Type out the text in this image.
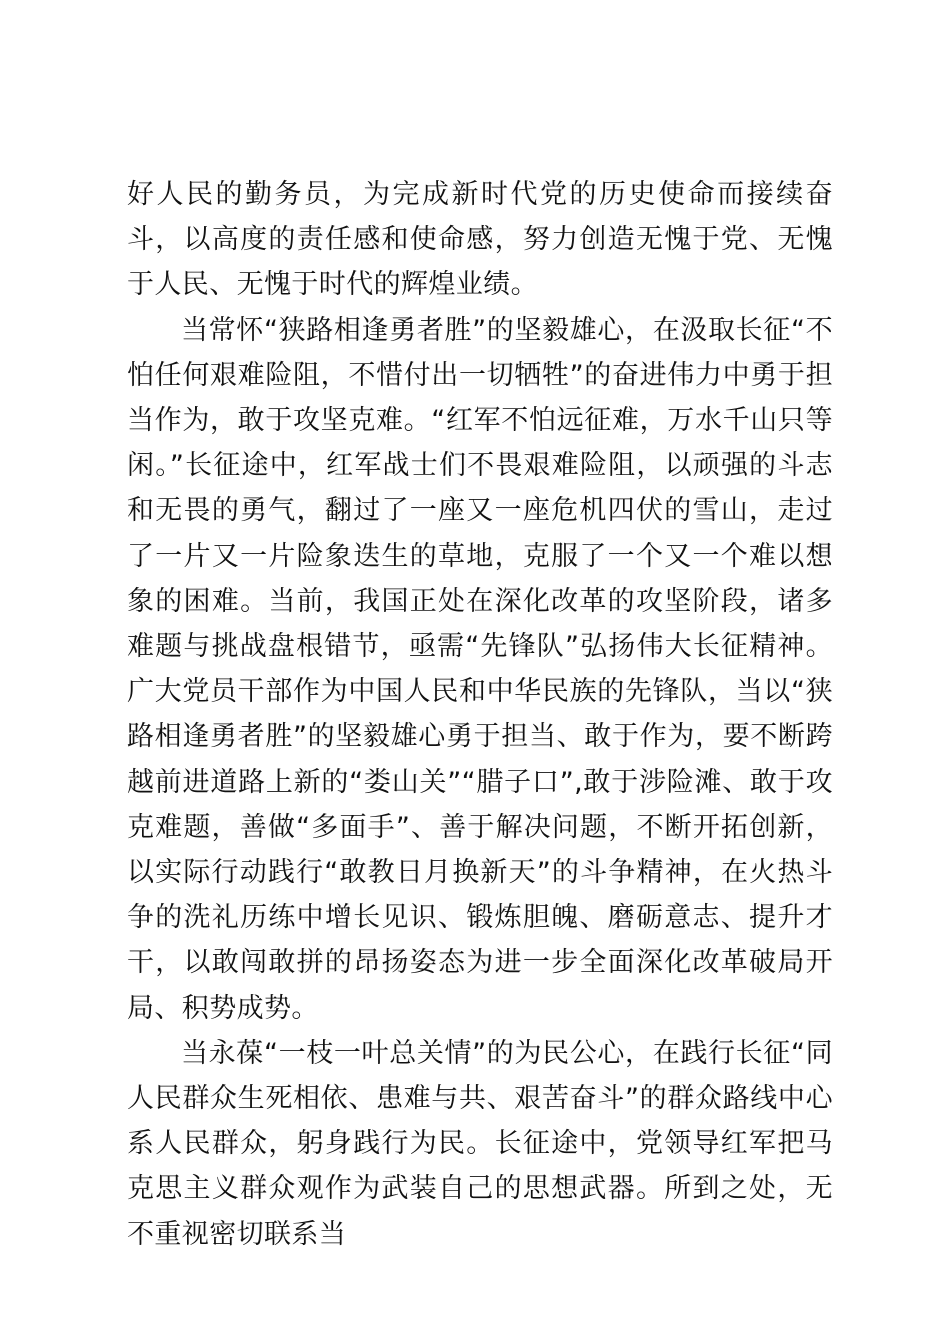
好人民的勤务员，为完成新时代党的历史使命而接续奋斗，以高度的责任感和使命感，努力创造无愧于党、无愧于人民、无愧于时代的辉煌业绩。

当常怀“狭路相逢勇者胜”的坚毅雄心，在汲取长征“不怕任何艰难险阻，不惜付出一切牺牲”的奋进伟力中勇于担当作为，敢于攻坚克难。“红军不怕远征难，万水千山只等闲。”长征途中，红军战士们不畏艰难险阻，以顽强的斗志和无畏的勇气，翻过了一座又一座危机四伏的雪山，走过了一片又一片险象迭生的草地，克服了一个又一个难以想象的困难。当前，我国正处在深化改革的攻坚阶段，诸多难题与挑战盘根错节，亟需“先锋队”弘扬伟大长征精神。广大党员干部作为中国人民和中华民族的先锋队，当以“狭路相逢勇者胜”的坚毅雄心勇于担当、敢于作为，要不断跨越前进道路上新的“娄山关”“腊子口”,敢于涉险滩、敢于攻克难题，善做“多面手”、善于解决问题，不断开拓创新，以实际行动践行“敢教日月换新天”的斗争精神，在火热斗争的洗礼历练中增长见识、锻炼胆魄、磨砺意志、提升才干，以敢闯敢拼的昂扬姿态为进一步全面深化改革破局开局、积势成势。

当永葆“一枝一叶总关情”的为民公心，在践行长征“同人民群众生死相依、患难与共、艰苦奋斗”的群众路线中心系人民群众，躬身践行为民。长征途中，党领导红军把马克思主义群众观作为武装自己的思想武器。所到之处，无不重视密切联系当
